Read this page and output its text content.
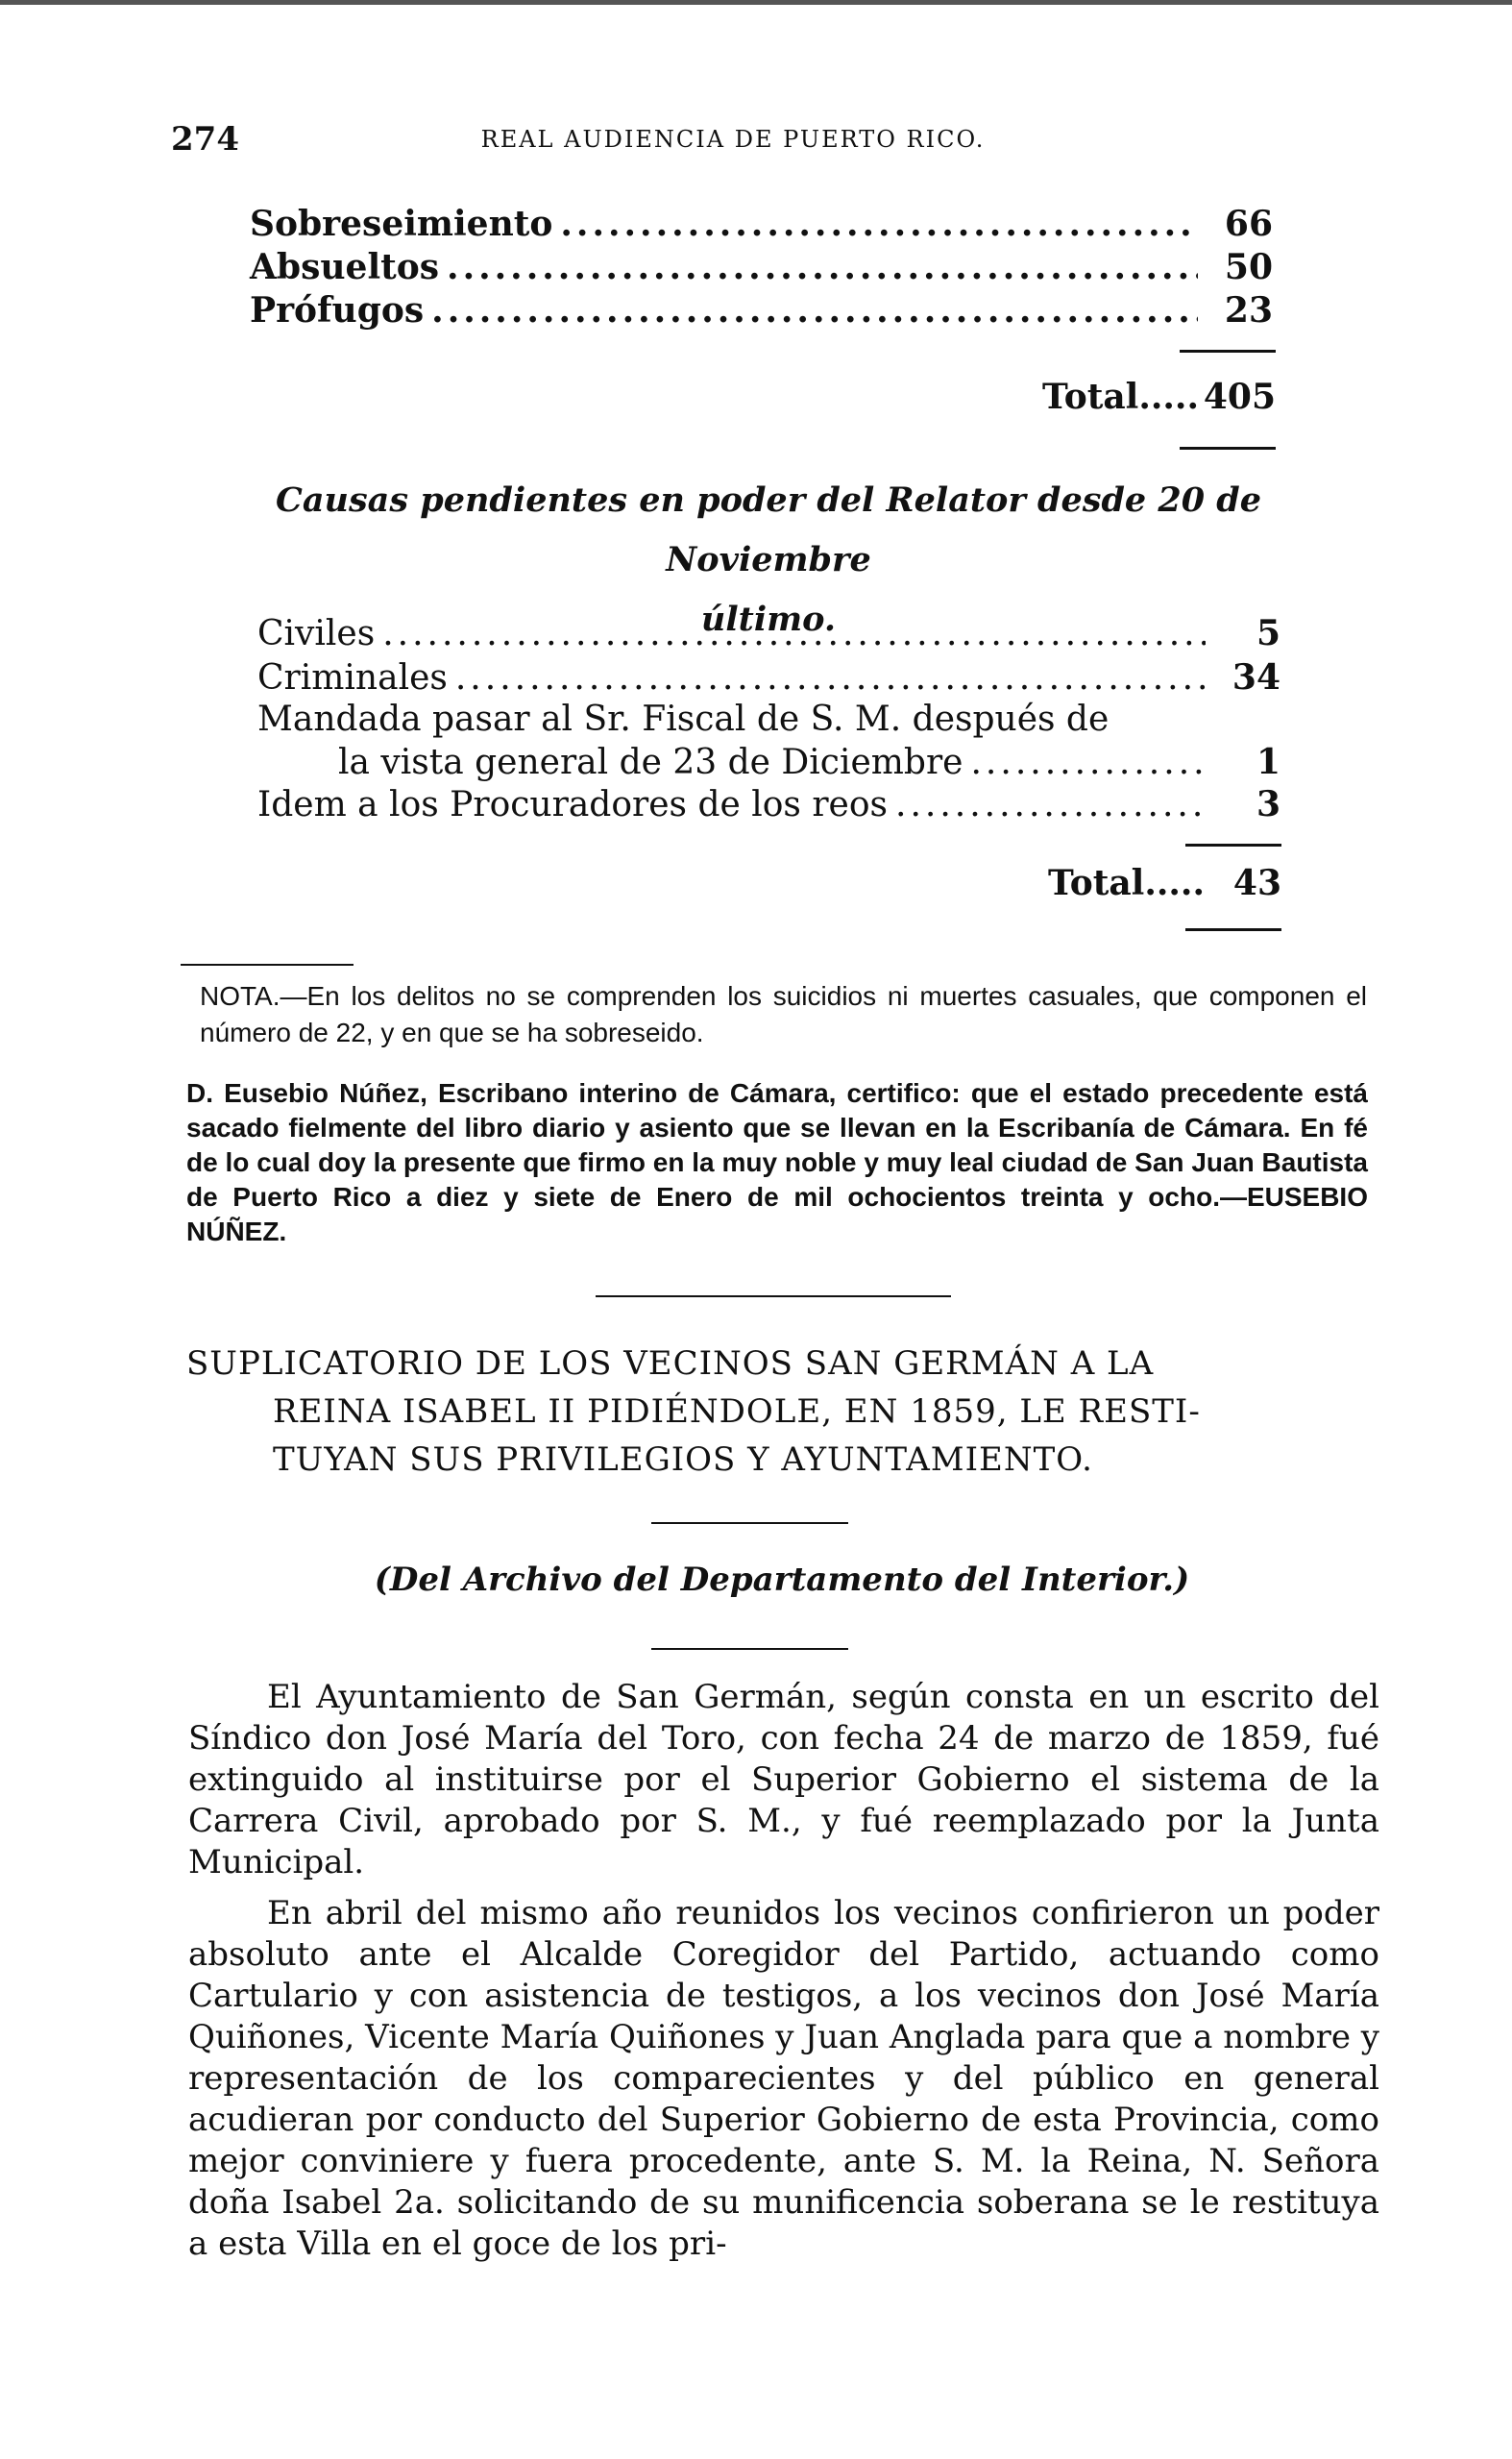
274	REAL AUDIENCIA DE PUERTO RICO.
Sobreseimiento .....	66
Absueltos .....	50
Prófugos .....	23
Total..... 405
Causas pendientes en poder del Relator desde 20 de Noviembre
último.
Civiles .....	5
Criminales .....	34
Mandada pasar al Sr. Fiscal de S. M. después de
la vista general de 23 de Diciembre .....	1
Idem a los Procuradores de los reos .....	3
Total..... 43
NOTA.—En los delitos no se comprenden los suicidios ni muertes casuales, que componen el número de 22, y en que se ha sobreseido.
D. Eusebio Núñez, Escribano interino de Cámara, certifico: que el estado precedente está sacado fielmente del libro diario y asiento que se llevan en la Escribanía de Cámara. En fé de lo cual doy la presente que firmo en la muy noble y muy leal ciudad de San Juan Bautista de Puerto Rico a diez y siete de Enero de mil ochocientos treinta y ocho.—EUSEBIO NÚÑEZ.
SUPLICATORIO DE LOS VECINOS SAN GERMÁN A LA
REINA ISABEL II PIDIÉNDOLE, EN 1859, LE RESTI-
TUYAN SUS PRIVILEGIOS Y AYUNTAMIENTO.
(Del Archivo del Departamento del Interior.)
El Ayuntamiento de San Germán, según consta en un escrito del Síndico don José María del Toro, con fecha 24 de marzo de 1859, fué extinguido al instituirse por el Superior Gobierno el sistema de la Carrera Civil, aprobado por S. M., y fué reemplazado por la Junta Municipal.
En abril del mismo año reunidos los vecinos confirieron un poder absoluto ante el Alcalde Coregidor del Partido, actuando como Cartulario y con asistencia de testigos, a los vecinos don José María Quiñones, Vicente María Quiñones y Juan Anglada para que a nombre y representación de los comparecientes y del público en general acudieran por conducto del Superior Gobierno de esta Provincia, como mejor conviniere y fuera procedente, ante S. M. la Reina, N. Señora doña Isabel 2a. solicitando de su munificencia soberana se le restituya a esta Villa en el goce de los pri-
